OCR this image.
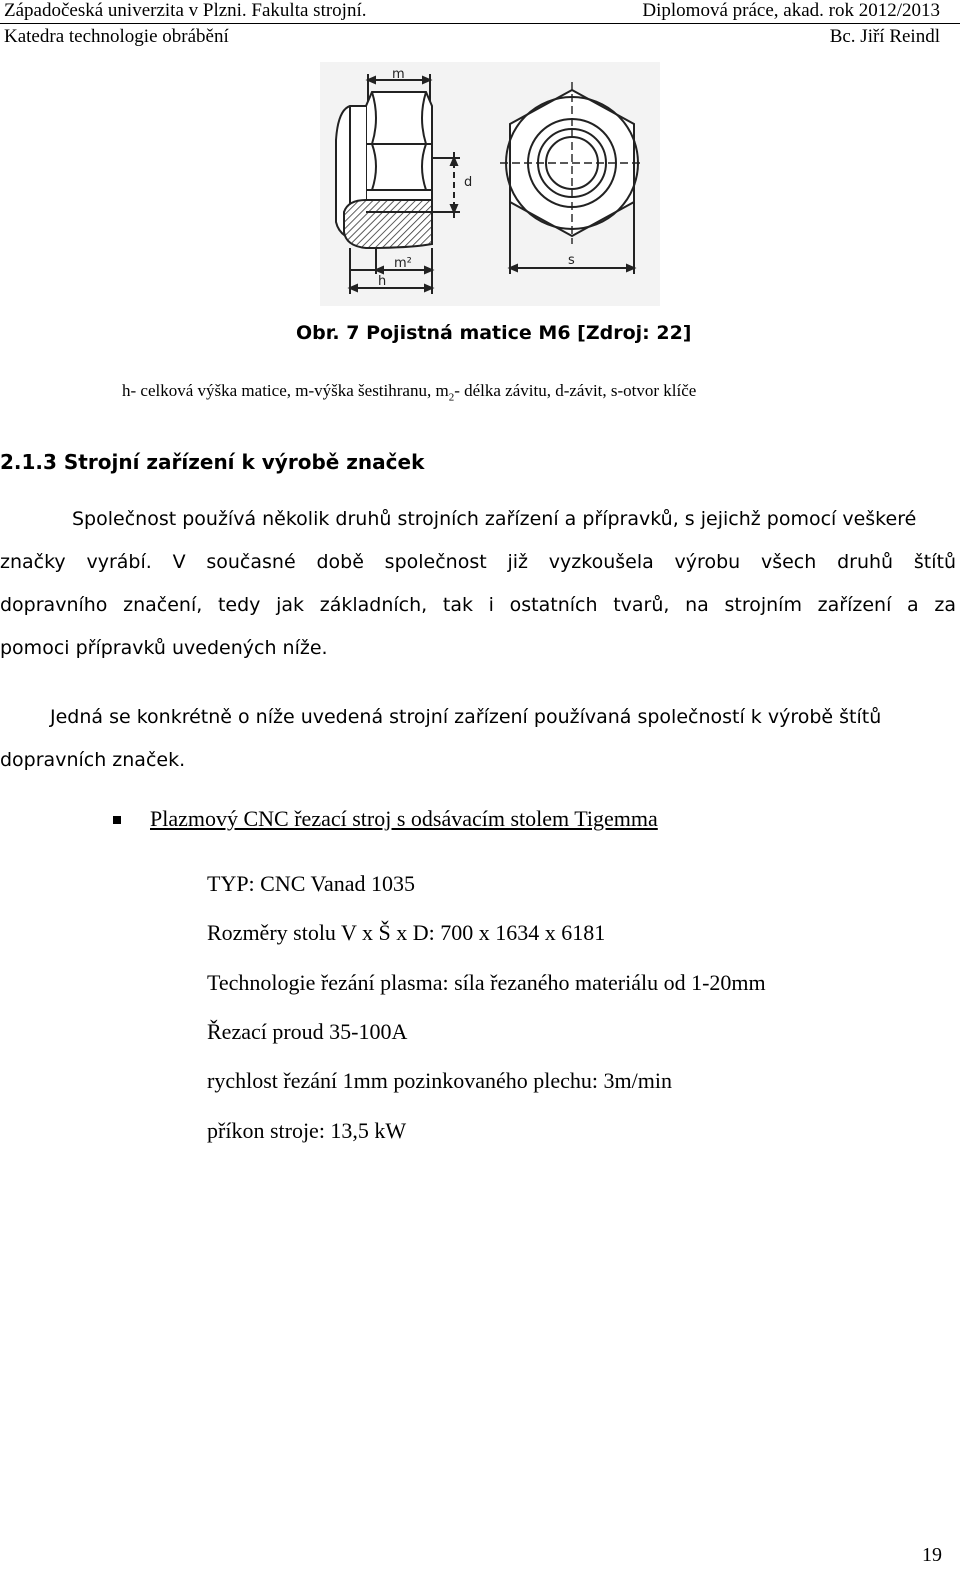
Západočeská univerzita v Plzni. Fakulta strojní.	Diplomová práce, akad. rok 2012/2013
Katedra technologie obrábění	Bc. Jiří Reindl
m
m²
h
d
s
Obr. 7 Pojistná matice M6 [Zdroj: 22]
h- celková výška matice, m-výška šestihranu, $m_2-$ délka závitu, d-závit, s-otvor klíče
2.1.3 Strojní zařízení k výrobě značek
Společnost používá několik druhů strojních zařízení a přípravků, s jejichž pomocí veškeré
značky vyrábí. V současné době společnost již vyzkoušela výrobu všech druhů štítů
dopravního značení, tedy jak základních, tak i ostatních tvarů, na strojním zařízení a za
pomoci přípravků uvedených níže.
Jedná se konkrétně o níže uvedená strojní zařízení používaná společností k výrobě štítů
dopravních značek.
Plazmový CNC řezací stroj s odsávacím stolem Tigemma
TYP: CNC Vanad 1035
Rozměry stolu V x Š x D: 700 x 1634 x 6181
Technologie řezání plasma: síla řezaného materiálu od 1-20mm
Řezací proud 35-100A
rychlost řezání 1mm pozinkovaného plechu: 3m/min
příkon stroje: 13,5 kW
19
